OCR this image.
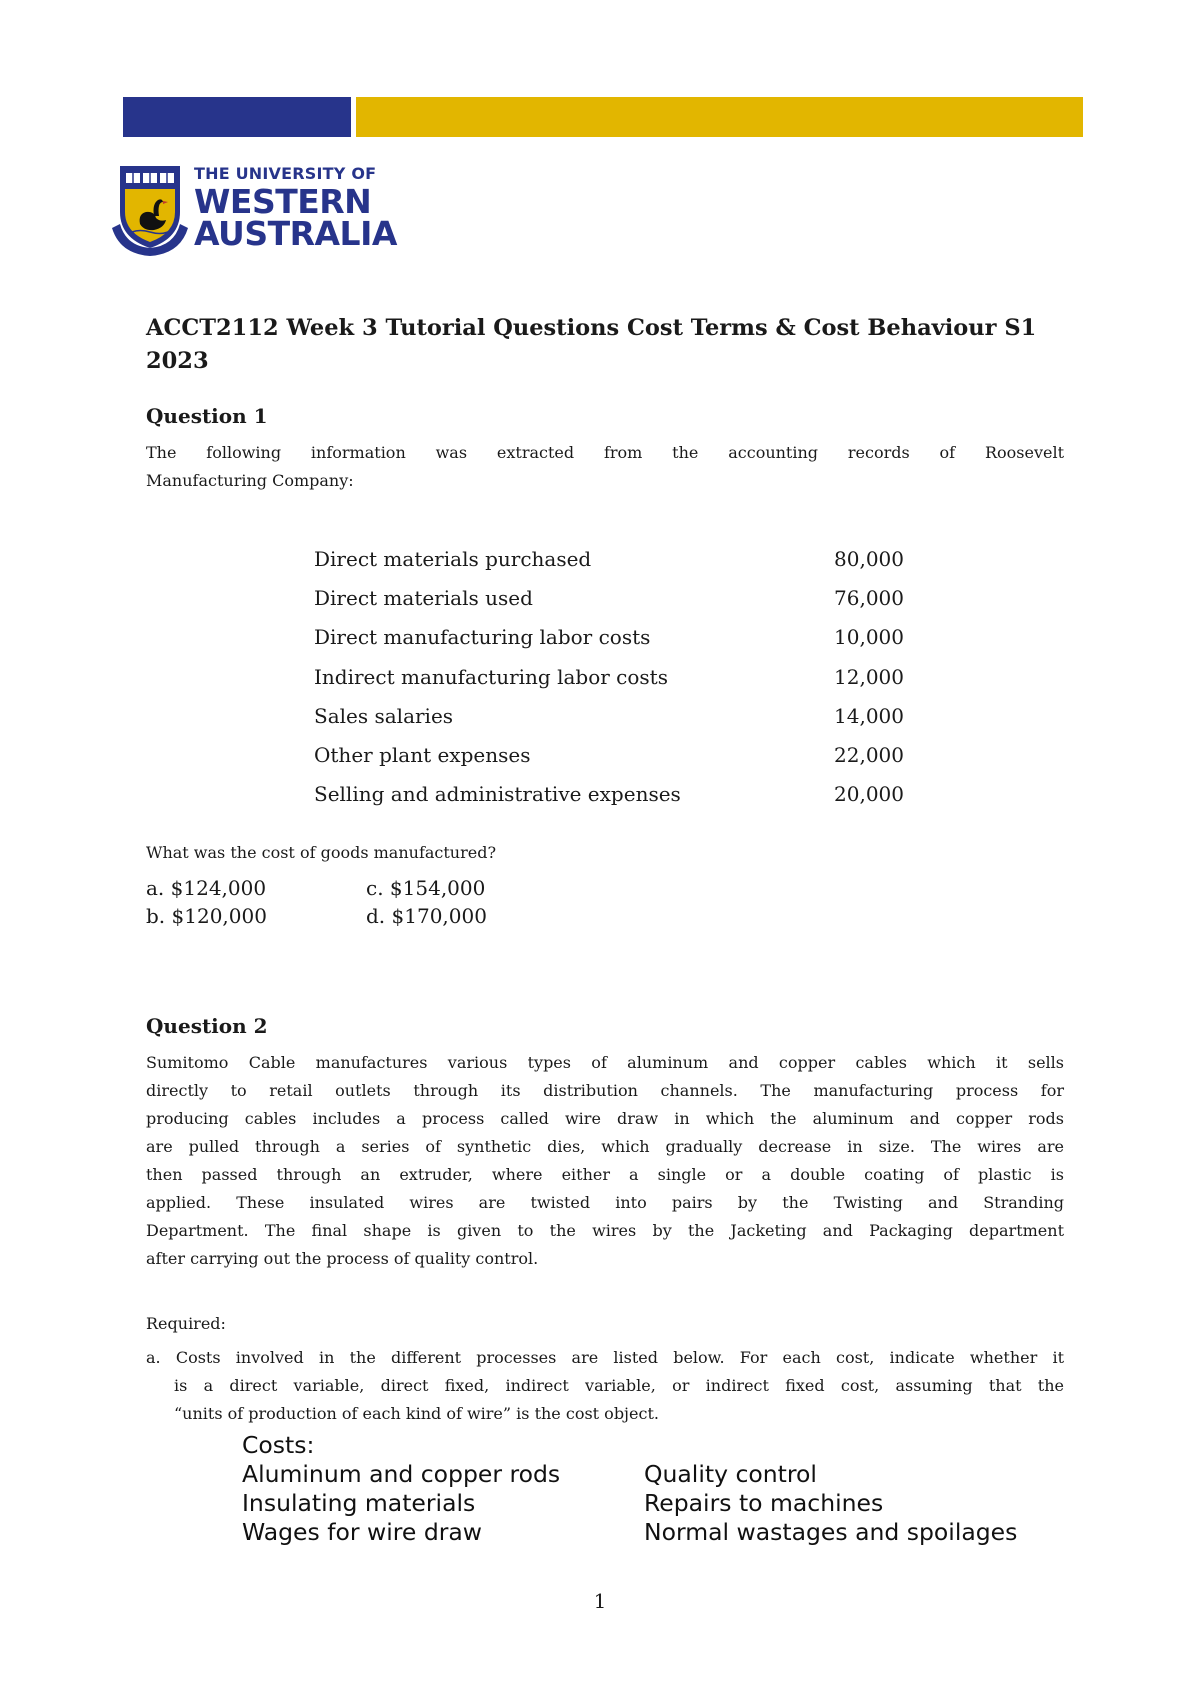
THE UNIVERSITY OF
WESTERN
AUSTRALIA
ACCT2112 Week 3 Tutorial Questions Cost Terms & Cost Behaviour S1
2023
Question 1
The following information was extracted from the accounting records of Roosevelt
Manufacturing Company:
Direct materials purchased	80,000
Direct materials used	76,000
Direct manufacturing labor costs	10,000
Indirect manufacturing labor costs	12,000
Sales salaries	14,000
Other plant expenses	22,000
Selling and administrative expenses	20,000
What was the cost of goods manufactured?
a. $124,000
b. $120,000
c. $154,000
d. $170,000
Question 2
Sumitomo Cable manufactures various types of aluminum and copper cables which it sells
directly to retail outlets through its distribution channels. The manufacturing process for
producing cables includes a process called wire draw in which the aluminum and copper rods
are pulled through a series of synthetic dies, which gradually decrease in size. The wires are
then passed through an extruder, where either a single or a double coating of plastic is
applied. These insulated wires are twisted into pairs by the Twisting and Stranding
Department. The final shape is given to the wires by the Jacketing and Packaging department
after carrying out the process of quality control.
Required:
a. Costs involved in the different processes are listed below. For each cost, indicate whether it
is a direct variable, direct fixed, indirect variable, or indirect fixed cost, assuming that the
“units of production of each kind of wire” is the cost object.
Costs:
Aluminum and copper rods
Insulating materials
Wages for wire draw
Quality control
Repairs to machines
Normal wastages and spoilages
1
